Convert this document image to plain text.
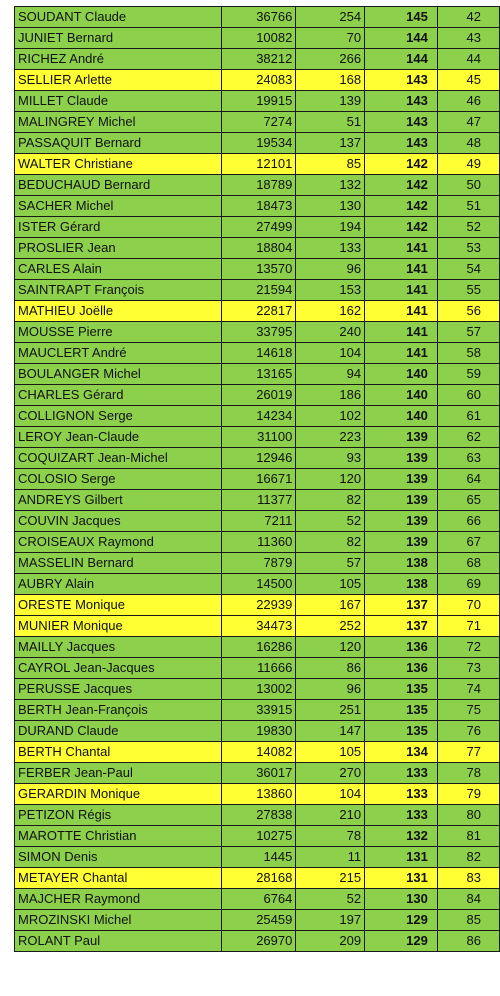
SOUDANT Claude	36766	254	145	42
JUNIET Bernard	10082	70	144	43
RICHEZ André	38212	266	144	44
SELLIER Arlette	24083	168	143	45
MILLET Claude	19915	139	143	46
MALINGREY Michel	7274	51	143	47
PASSAQUIT Bernard	19534	137	143	48
WALTER Christiane	12101	85	142	49
BEDUCHAUD Bernard	18789	132	142	50
SACHER Michel	18473	130	142	51
ISTER Gérard	27499	194	142	52
PROSLIER Jean	18804	133	141	53
CARLES Alain	13570	96	141	54
SAINTRAPT François	21594	153	141	55
MATHIEU Joëlle	22817	162	141	56
MOUSSE Pierre	33795	240	141	57
MAUCLERT André	14618	104	141	58
BOULANGER Michel	13165	94	140	59
CHARLES Gérard	26019	186	140	60
COLLIGNON Serge	14234	102	140	61
LEROY Jean-Claude	31100	223	139	62
COQUIZART Jean-Michel	12946	93	139	63
COLOSIO Serge	16671	120	139	64
ANDREYS Gilbert	11377	82	139	65
COUVIN Jacques	7211	52	139	66
CROISEAUX Raymond	11360	82	139	67
MASSELIN Bernard	7879	57	138	68
AUBRY Alain	14500	105	138	69
ORESTE Monique	22939	167	137	70
MUNIER Monique	34473	252	137	71
MAILLY Jacques	16286	120	136	72
CAYROL Jean-Jacques	11666	86	136	73
PERUSSE Jacques	13002	96	135	74
BERTH Jean-François	33915	251	135	75
DURAND Claude	19830	147	135	76
BERTH Chantal	14082	105	134	77
FERBER Jean-Paul	36017	270	133	78
GERARDIN Monique	13860	104	133	79
PETIZON Régis	27838	210	133	80
MAROTTE Christian	10275	78	132	81
SIMON Denis	1445	11	131	82
METAYER Chantal	28168	215	131	83
MAJCHER Raymond	6764	52	130	84
MROZINSKI Michel	25459	197	129	85
ROLANT Paul	26970	209	129	86
